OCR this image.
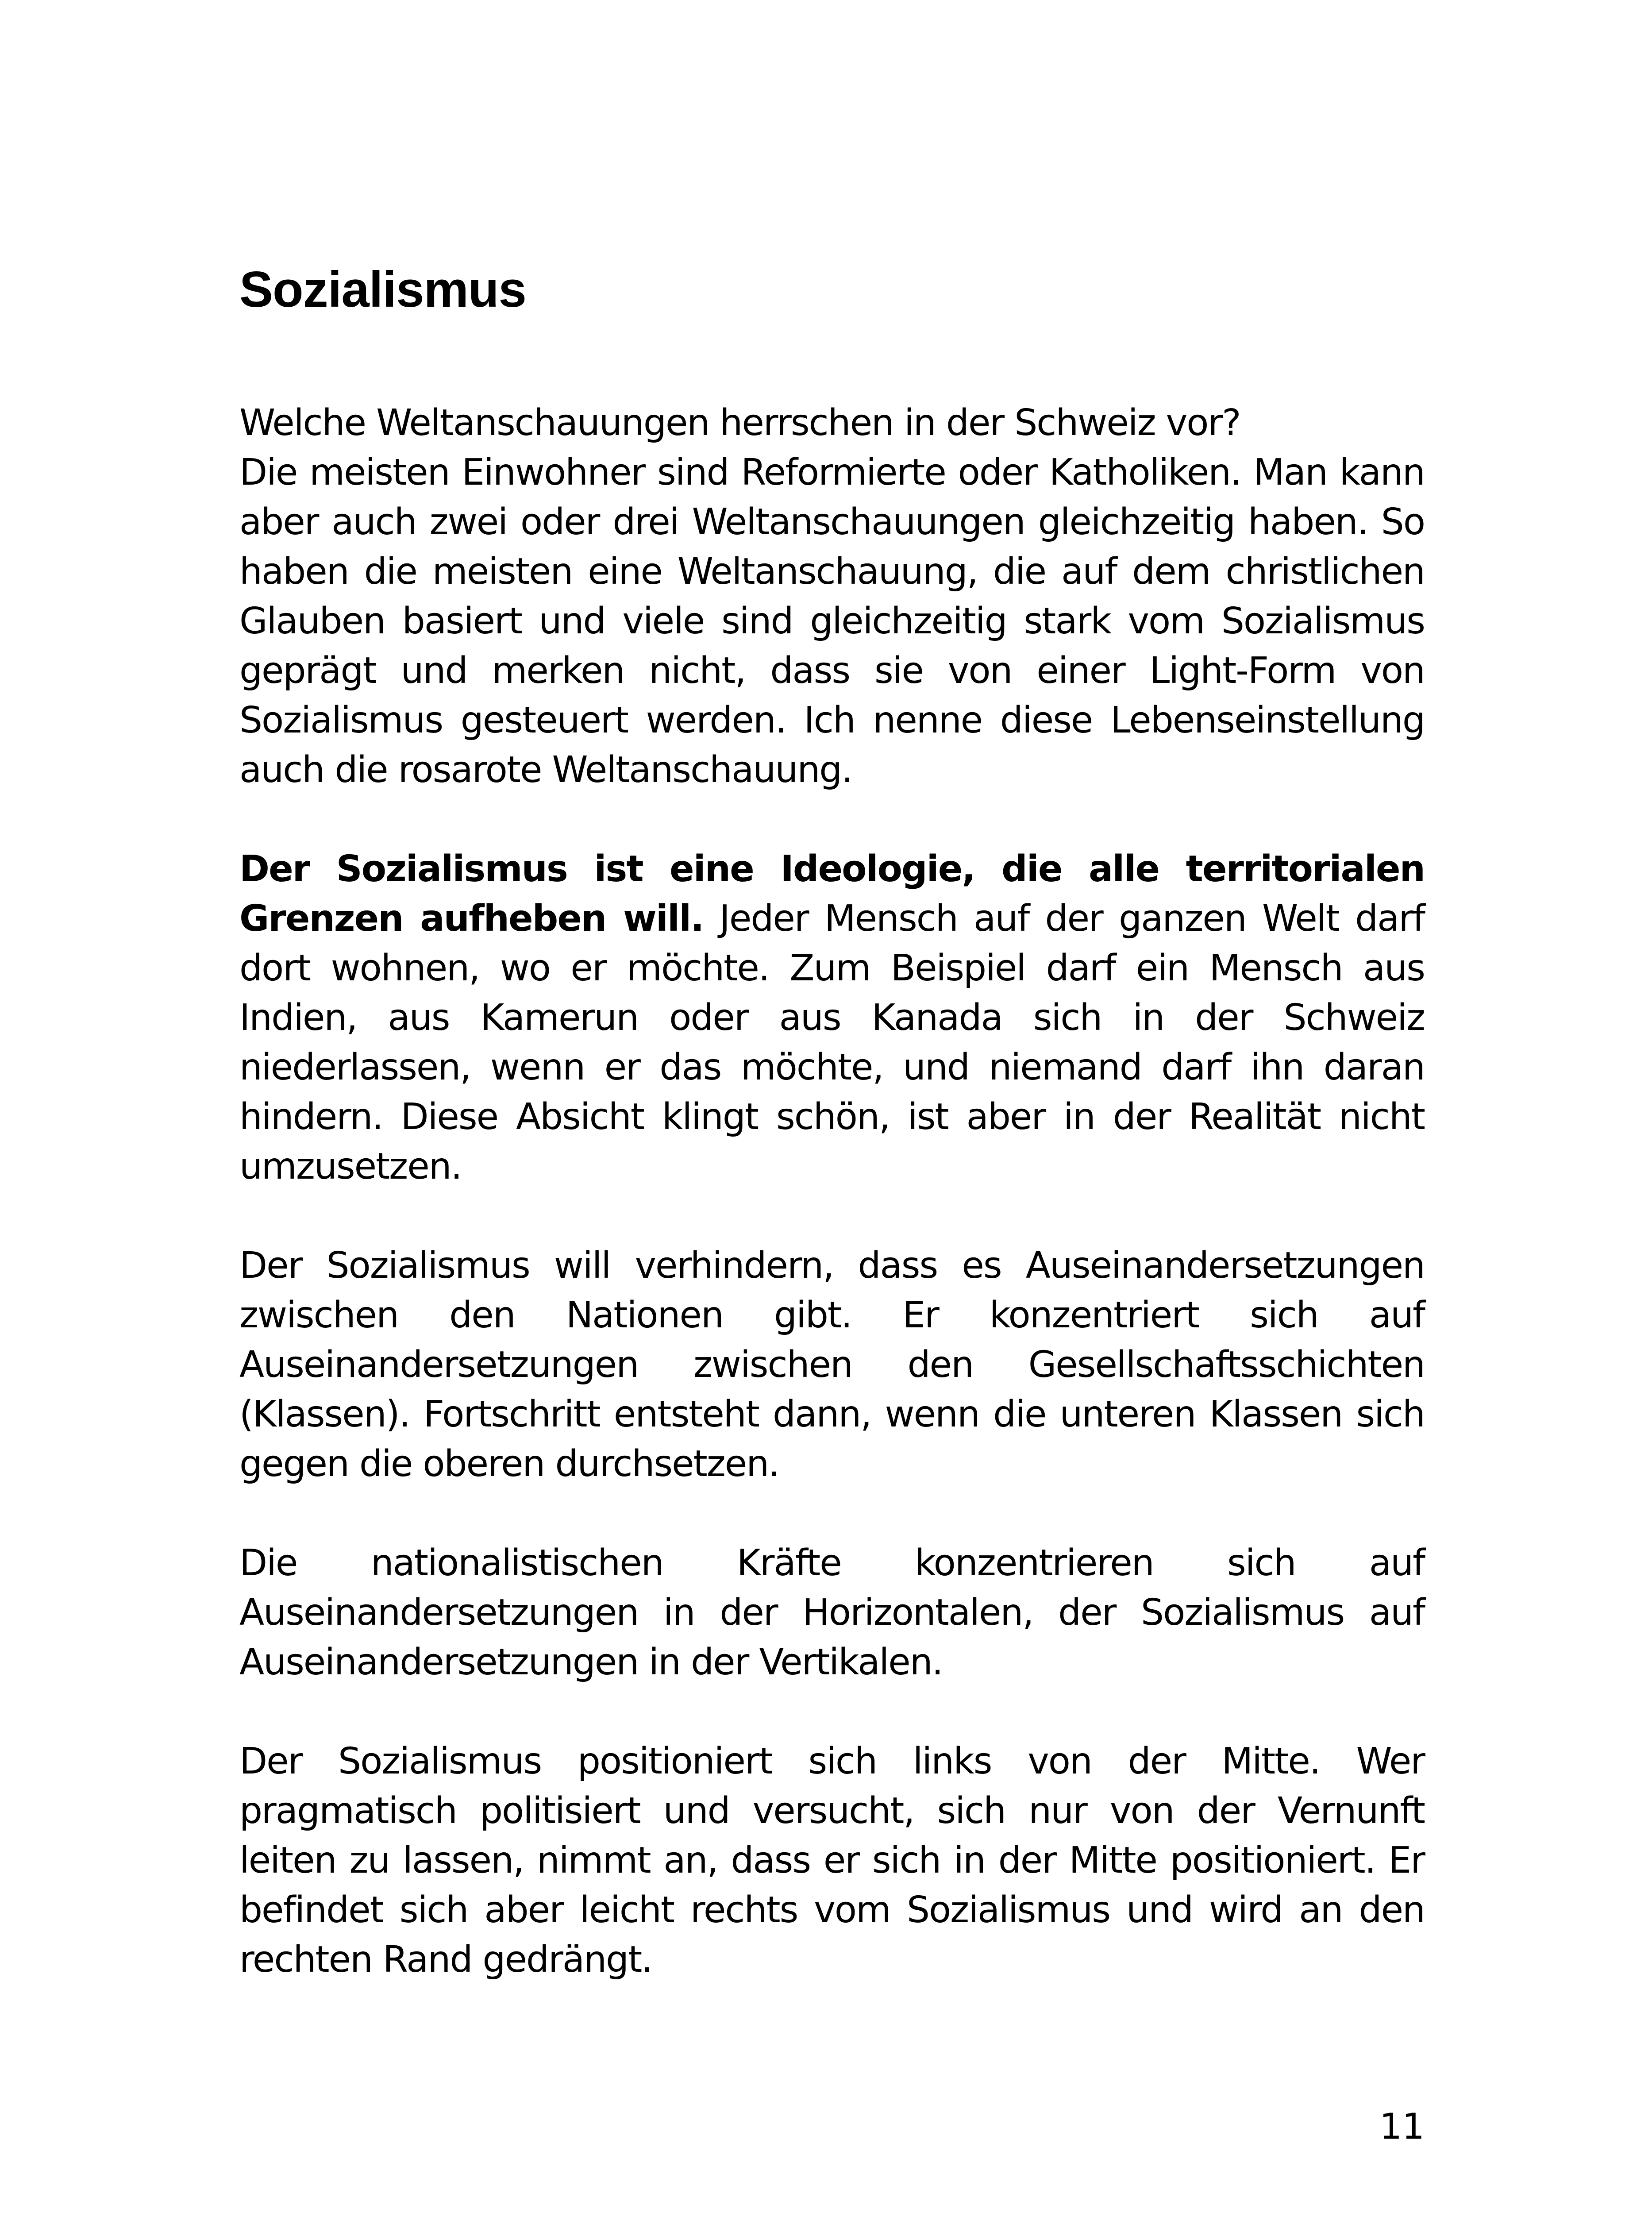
Sozialismus

Welche Weltanschauungen herrschen in der Schweiz vor?

Die meisten Einwohner sind Reformierte oder Katholiken. Man kann aber auch zwei oder drei Weltanschauungen gleichzeitig haben. So haben die meisten eine Weltanschauung, die auf dem christlichen Glauben basiert und viele sind gleichzeitig stark vom Sozialismus geprägt und merken nicht, dass sie von einer Light-Form von Sozialismus gesteuert werden. Ich nenne diese Lebenseinstellung auch die rosarote Weltanschauung.

Der Sozialismus ist eine Ideologie, die alle territorialen Grenzen aufheben will. Jeder Mensch auf der ganzen Welt darf dort wohnen, wo er möchte. Zum Beispiel darf ein Mensch aus Indien, aus Kamerun oder aus Kanada sich in der Schweiz niederlassen, wenn er das möchte, und niemand darf ihn daran hindern. Diese Absicht klingt schön, ist aber in der Realität nicht umzusetzen.

Der Sozialismus will verhindern, dass es Auseinandersetzungen zwischen den Nationen gibt. Er konzentriert sich auf Auseinandersetzungen zwischen den Gesellschaftsschichten (Klassen). Fortschritt entsteht dann, wenn die unteren Klassen sich gegen die oberen durchsetzen.

Die nationalistischen Kräfte konzentrieren sich auf Auseinandersetzungen in der Horizontalen, der Sozialismus auf Auseinandersetzungen in der Vertikalen.

Der Sozialismus positioniert sich links von der Mitte. Wer pragmatisch politisiert und versucht, sich nur von der Vernunft leiten zu lassen, nimmt an, dass er sich in der Mitte positioniert. Er befindet sich aber leicht rechts vom Sozialismus und wird an den rechten Rand gedrängt.

11
